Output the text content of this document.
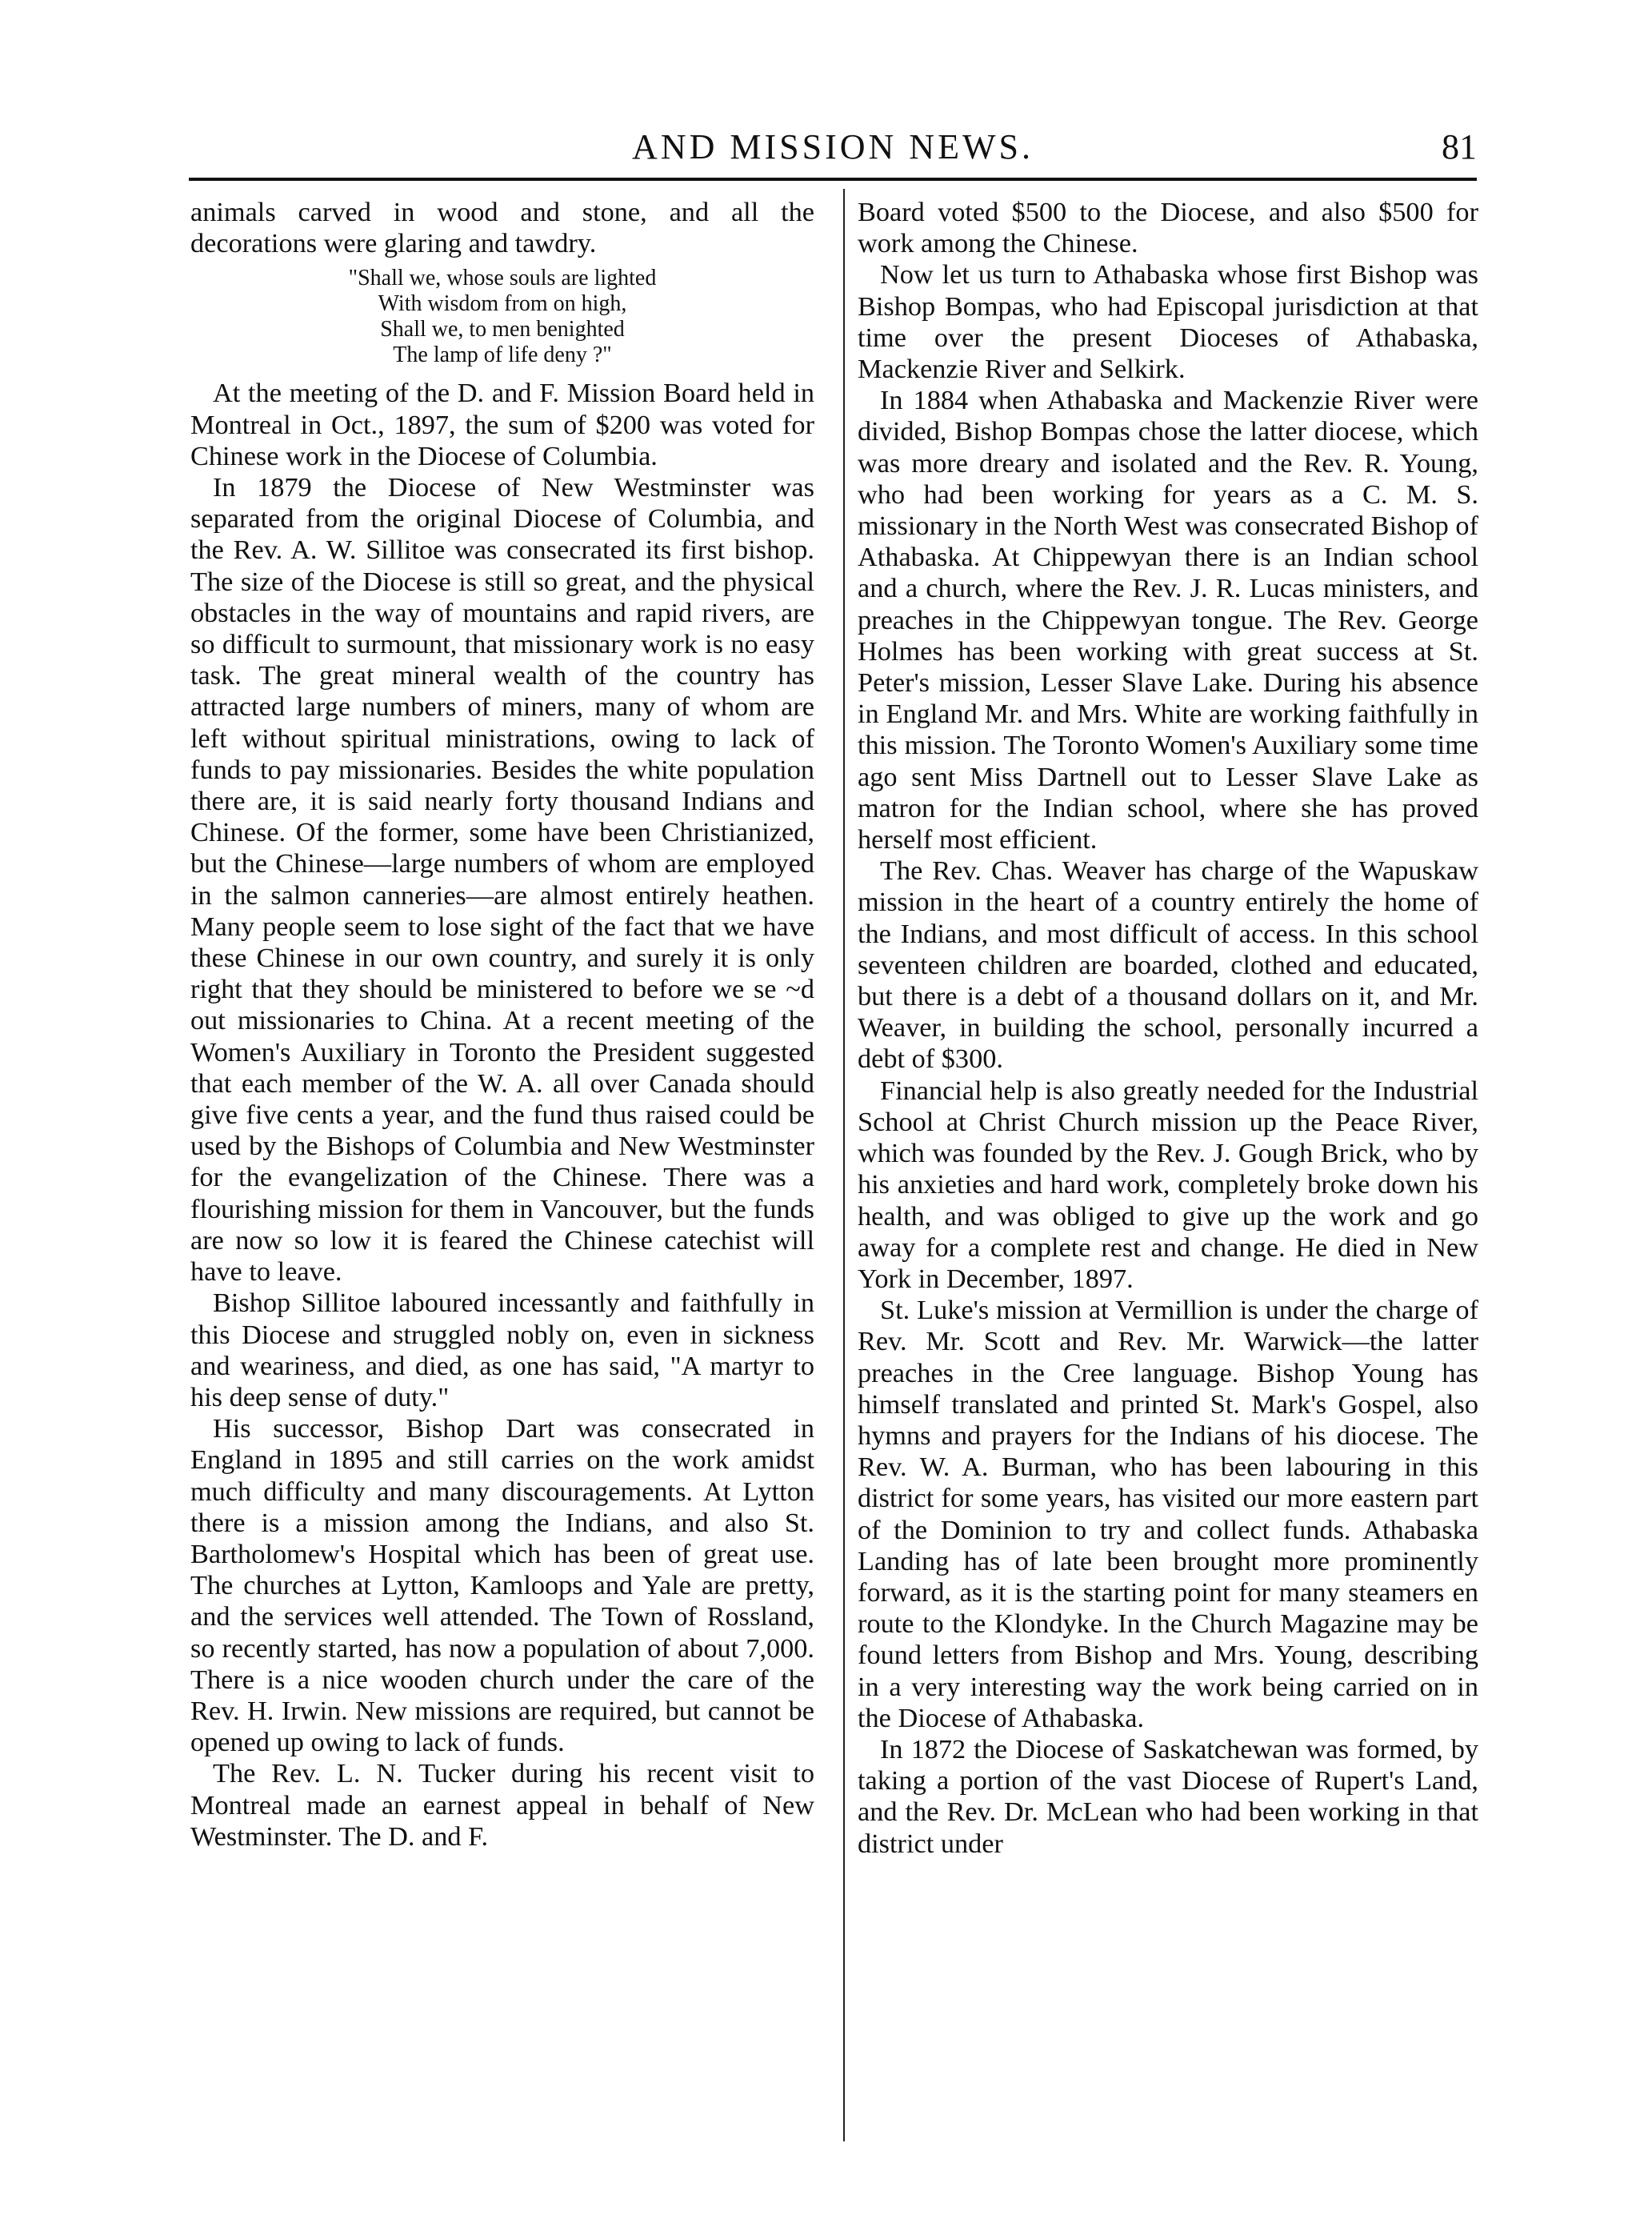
AND MISSION NEWS.	81

animals carved in wood and stone, and all the decorations were glaring and tawdry.

"Shall we, whose souls are lighted
With wisdom from on high,
Shall we, to men benighted
The lamp of life deny ?"

At the meeting of the D. and F. Mission Board held in Montreal in Oct., 1897, the sum of $200 was voted for Chinese work in the Diocese of Columbia.

In 1879 the Diocese of New Westminster was separated from the original Diocese of Columbia, and the Rev. A. W. Sillitoe was consecrated its first bishop. The size of the Diocese is still so great, and the physical obstacles in the way of mountains and rapid rivers, are so difficult to surmount, that missionary work is no easy task. The great mineral wealth of the country has attracted large numbers of miners, many of whom are left without spiritual ministrations, owing to lack of funds to pay missionaries. Besides the white population there are, it is said nearly forty thousand Indians and Chinese. Of the former, some have been Christianized, but the Chinese—large numbers of whom are employed in the salmon canneries—are almost entirely heathen. Many people seem to lose sight of the fact that we have these Chinese in our own country, and surely it is only right that they should be ministered to before we se ~d out missionaries to China. At a recent meeting of the Women's Auxiliary in Toronto the President suggested that each member of the W. A. all over Canada should give five cents a year, and the fund thus raised could be used by the Bishops of Columbia and New Westminster for the evangelization of the Chinese. There was a flourishing mission for them in Vancouver, but the funds are now so low it is feared the Chinese catechist will have to leave.

Bishop Sillitoe laboured incessantly and faithfully in this Diocese and struggled nobly on, even in sickness and weariness, and died, as one has said, "A martyr to his deep sense of duty."

His successor, Bishop Dart was consecrated in England in 1895 and still carries on the work amidst much difficulty and many discouragements. At Lytton there is a mission among the Indians, and also St. Bartholomew's Hospital which has been of great use. The churches at Lytton, Kamloops and Yale are pretty, and the services well attended. The Town of Rossland, so recently started, has now a population of about 7,000. There is a nice wooden church under the care of the Rev. H. Irwin. New missions are required, but cannot be opened up owing to lack of funds.

The Rev. L. N. Tucker during his recent visit to Montreal made an earnest appeal in behalf of New Westminster. The D. and F.

Board voted $500 to the Diocese, and also $500 for work among the Chinese.

Now let us turn to Athabaska whose first Bishop was Bishop Bompas, who had Episcopal jurisdiction at that time over the present Dioceses of Athabaska, Mackenzie River and Selkirk.

In 1884 when Athabaska and Mackenzie River were divided, Bishop Bompas chose the latter diocese, which was more dreary and isolated and the Rev. R. Young, who had been working for years as a C. M. S. missionary in the North West was consecrated Bishop of Athabaska. At Chippewyan there is an Indian school and a church, where the Rev. J. R. Lucas ministers, and preaches in the Chippewyan tongue. The Rev. George Holmes has been working with great success at St. Peter's mission, Lesser Slave Lake. During his absence in England Mr. and Mrs. White are working faithfully in this mission. The Toronto Women's Auxiliary some time ago sent Miss Dartnell out to Lesser Slave Lake as matron for the Indian school, where she has proved herself most efficient.

The Rev. Chas. Weaver has charge of the Wapuskaw mission in the heart of a country entirely the home of the Indians, and most difficult of access. In this school seventeen children are boarded, clothed and educated, but there is a debt of a thousand dollars on it, and Mr. Weaver, in building the school, personally incurred a debt of $300.

Financial help is also greatly needed for the Industrial School at Christ Church mission up the Peace River, which was founded by the Rev. J. Gough Brick, who by his anxieties and hard work, completely broke down his health, and was obliged to give up the work and go away for a complete rest and change. He died in New York in December, 1897.

St. Luke's mission at Vermillion is under the charge of Rev. Mr. Scott and Rev. Mr. Warwick—the latter preaches in the Cree language. Bishop Young has himself translated and printed St. Mark's Gospel, also hymns and prayers for the Indians of his diocese. The Rev. W. A. Burman, who has been labouring in this district for some years, has visited our more eastern part of the Dominion to try and collect funds. Athabaska Landing has of late been brought more prominently forward, as it is the starting point for many steamers en route to the Klondyke. In the Church Magazine may be found letters from Bishop and Mrs. Young, describing in a very interesting way the work being carried on in the Diocese of Athabaska.

In 1872 the Diocese of Saskatchewan was formed, by taking a portion of the vast Diocese of Rupert's Land, and the Rev. Dr. McLean who had been working in that district under
